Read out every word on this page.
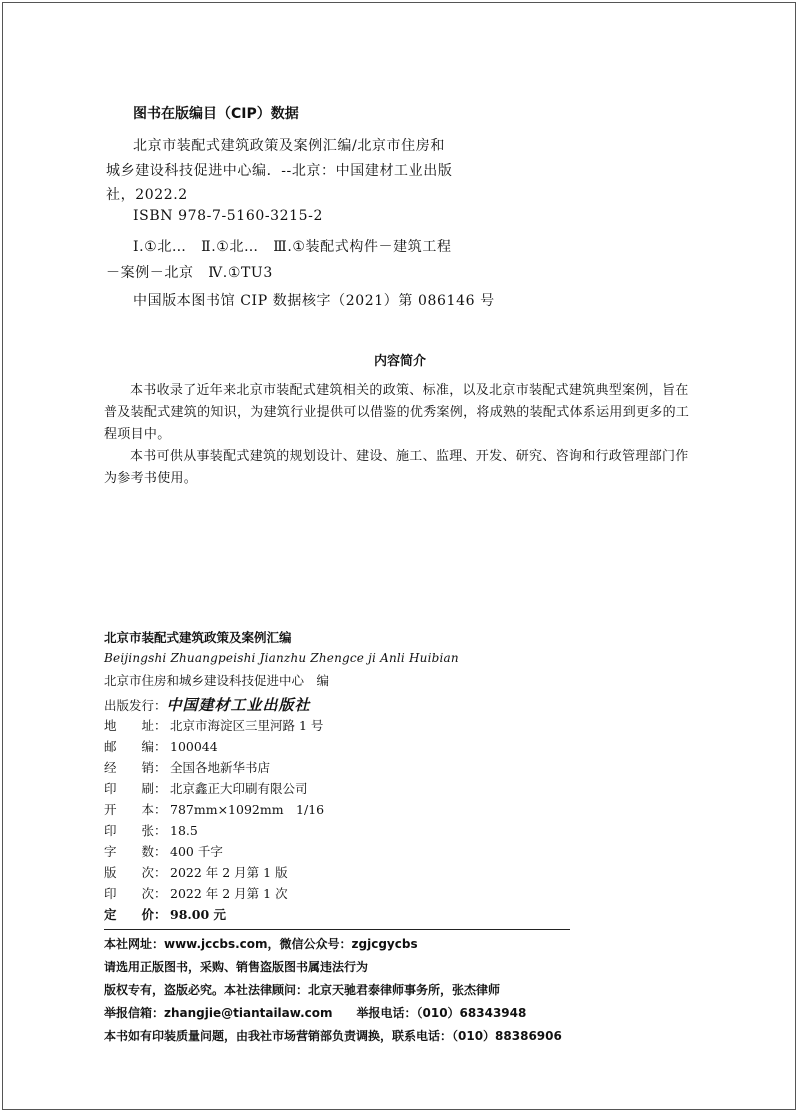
图书在版编目（CIP）数据
北京市装配式建筑政策及案例汇编/北京市住房和
城乡建设科技促进中心编．--北京：中国建材工业出版
社，2022.2
ISBN 978-7-5160-3215-2
Ⅰ.①北…　Ⅱ.①北…　Ⅲ.①装配式构件－建筑工程
－案例－北京　Ⅳ.①TU3
中国版本图书馆 CIP 数据核字（2021）第 086146 号
内容简介
本书收录了近年来北京市装配式建筑相关的政策、标准，以及北京市装配式建筑典型案例，旨在普及装配式建筑的知识，为建筑行业提供可以借鉴的优秀案例，将成熟的装配式体系运用到更多的工程项目中。
本书可供从事装配式建筑的规划设计、建设、施工、监理、开发、研究、咨询和行政管理部门作为参考书使用。
北京市装配式建筑政策及案例汇编
Beijingshi Zhuangpeishi Jianzhu Zhengce ji Anli Huibian
北京市住房和城乡建设科技促进中心　编
出版发行：中国建材工业出版社
地　　址： 北京市海淀区三里河路 1 号
邮　　编： 100044
经　　销： 全国各地新华书店
印　　刷： 北京鑫正大印刷有限公司
开　　本： 787mm×1092mm　1/16
印　　张： 18.5
字　　数： 400 千字
版　　次： 2022 年 2 月第 1 版
印　　次： 2022 年 2 月第 1 次
定　　价： 98.00 元
本社网址：www.jccbs.com，微信公众号：zgjcgycbs
请选用正版图书，采购、销售盗版图书属违法行为
版权专有，盗版必究。本社法律顾问：北京天驰君泰律师事务所，张杰律师
举报信箱：zhangjie@tiantailaw.com　　举报电话：（010）68343948
本书如有印装质量问题，由我社市场营销部负责调换，联系电话：（010）88386906
